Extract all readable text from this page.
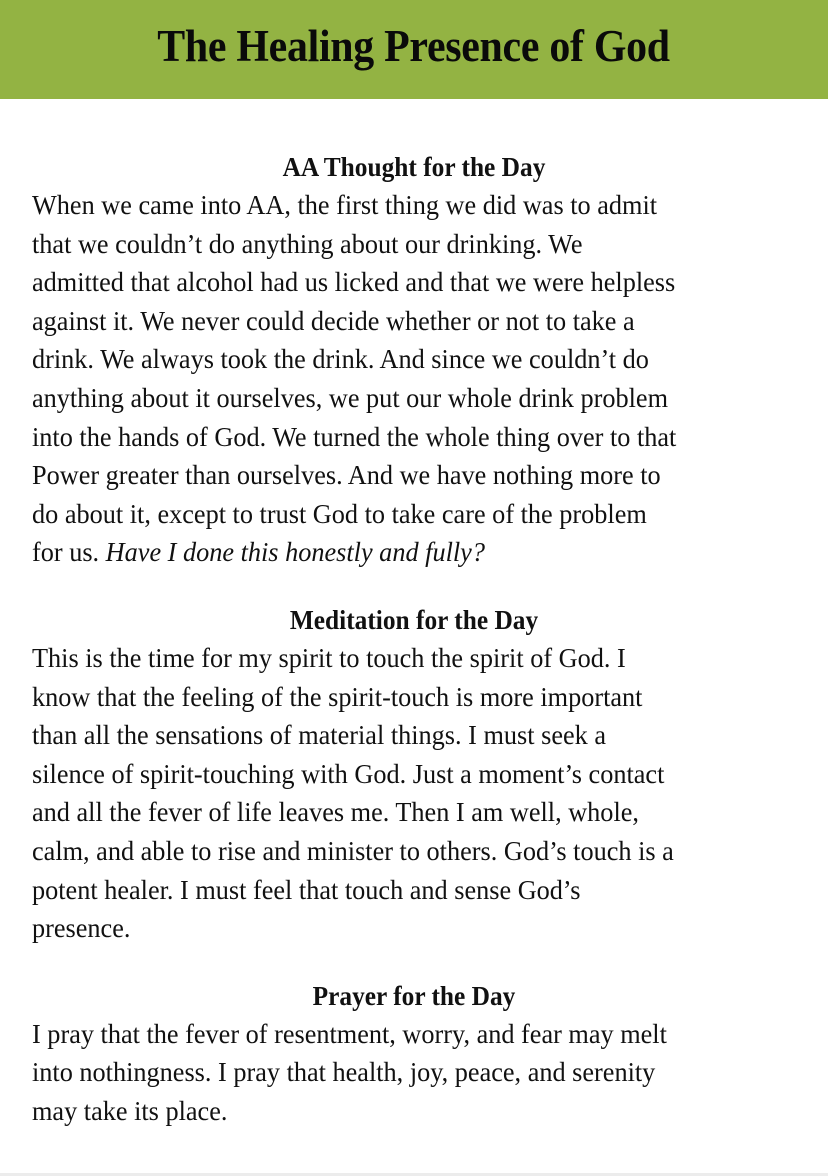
The Healing Presence of God
AA Thought for the Day
When we came into AA, the first thing we did was to admit
that we couldn’t do anything about our drinking. We
admitted that alcohol had us licked and that we were helpless
against it. We never could decide whether or not to take a
drink. We always took the drink. And since we couldn’t do
anything about it ourselves, we put our whole drink problem
into the hands of God. We turned the whole thing over to that
Power greater than ourselves. And we have nothing more to
do about it, except to trust God to take care of the problem
for us. Have I done this honestly and fully?
Meditation for the Day
This is the time for my spirit to touch the spirit of God. I
know that the feeling of the spirit-touch is more important
than all the sensations of material things. I must seek a
silence of spirit-touching with God. Just a moment’s contact
and all the fever of life leaves me. Then I am well, whole,
calm, and able to rise and minister to others. God’s touch is a
potent healer. I must feel that touch and sense God’s
presence.
Prayer for the Day
I pray that the fever of resentment, worry, and fear may melt
into nothingness. I pray that health, joy, peace, and serenity
may take its place.
